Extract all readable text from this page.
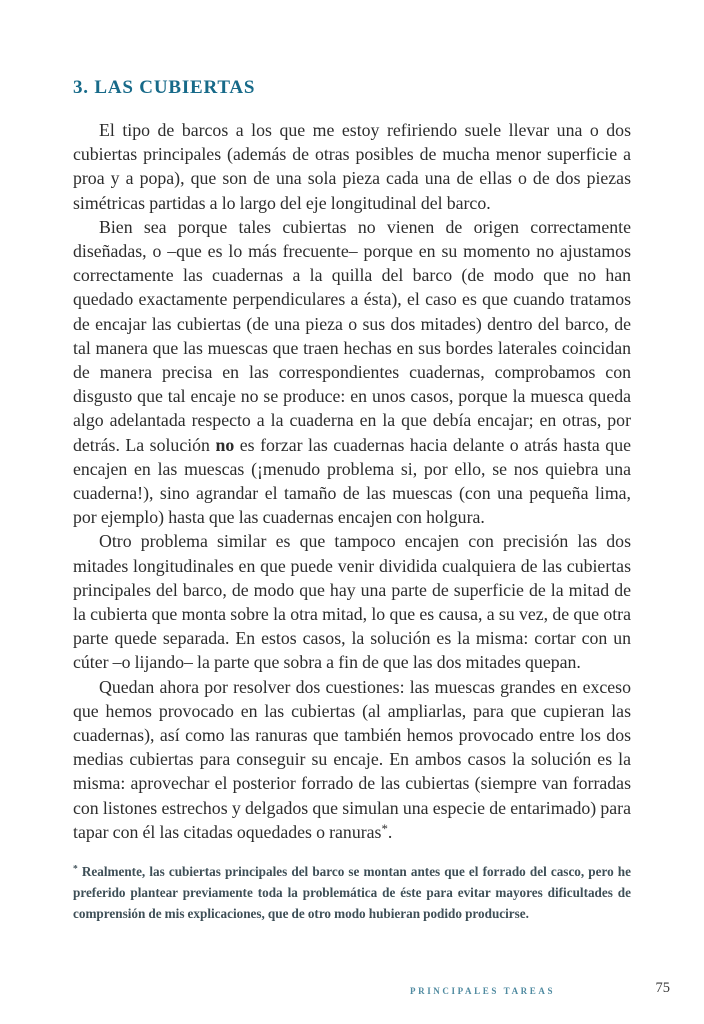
3. LAS CUBIERTAS

El tipo de barcos a los que me estoy refiriendo suele llevar una o dos cubiertas principales (además de otras posibles de mucha menor superficie a proa y a popa), que son de una sola pieza cada una de ellas o de dos piezas simétricas partidas a lo largo del eje longitudinal del barco.

Bien sea porque tales cubiertas no vienen de origen correctamente diseñadas, o –que es lo más frecuente– porque en su momento no ajustamos correctamente las cuadernas a la quilla del barco (de modo que no han quedado exactamente perpendiculares a ésta), el caso es que cuando tratamos de encajar las cubiertas (de una pieza o sus dos mitades) dentro del barco, de tal manera que las muescas que traen hechas en sus bordes laterales coincidan de manera precisa en las correspondientes cuadernas, comprobamos con disgusto que tal encaje no se produce: en unos casos, porque la muesca queda algo adelantada respecto a la cuaderna en la que debía encajar; en otras, por detrás. La solución no es forzar las cuadernas hacia delante o atrás hasta que encajen en las muescas (¡menudo problema si, por ello, se nos quiebra una cuaderna!), sino agrandar el tamaño de las muescas (con una pequeña lima, por ejemplo) hasta que las cuadernas encajen con holgura.

Otro problema similar es que tampoco encajen con precisión las dos mitades longitudinales en que puede venir dividida cualquiera de las cubiertas principales del barco, de modo que hay una parte de superficie de la mitad de la cubierta que monta sobre la otra mitad, lo que es causa, a su vez, de que otra parte quede separada. En estos casos, la solución es la misma: cortar con un cúter –o lijando– la parte que sobra a fin de que las dos mitades quepan.

Quedan ahora por resolver dos cuestiones: las muescas grandes en exceso que hemos provocado en las cubiertas (al ampliarlas, para que cupieran las cuadernas), así como las ranuras que también hemos provocado entre los dos medias cubiertas para conseguir su encaje. En ambos casos la solución es la misma: aprovechar el posterior forrado de las cubiertas (siempre van forradas con listones estrechos y delgados que simulan una especie de entarimado) para tapar con él las citadas oquedades o ranuras*.

* Realmente, las cubiertas principales del barco se montan antes que el forrado del casco, pero he preferido plantear previamente toda la problemática de éste para evitar mayores dificultades de comprensión de mis explicaciones, que de otro modo hubieran podido producirse.
PRINCIPALES TAREAS	75
